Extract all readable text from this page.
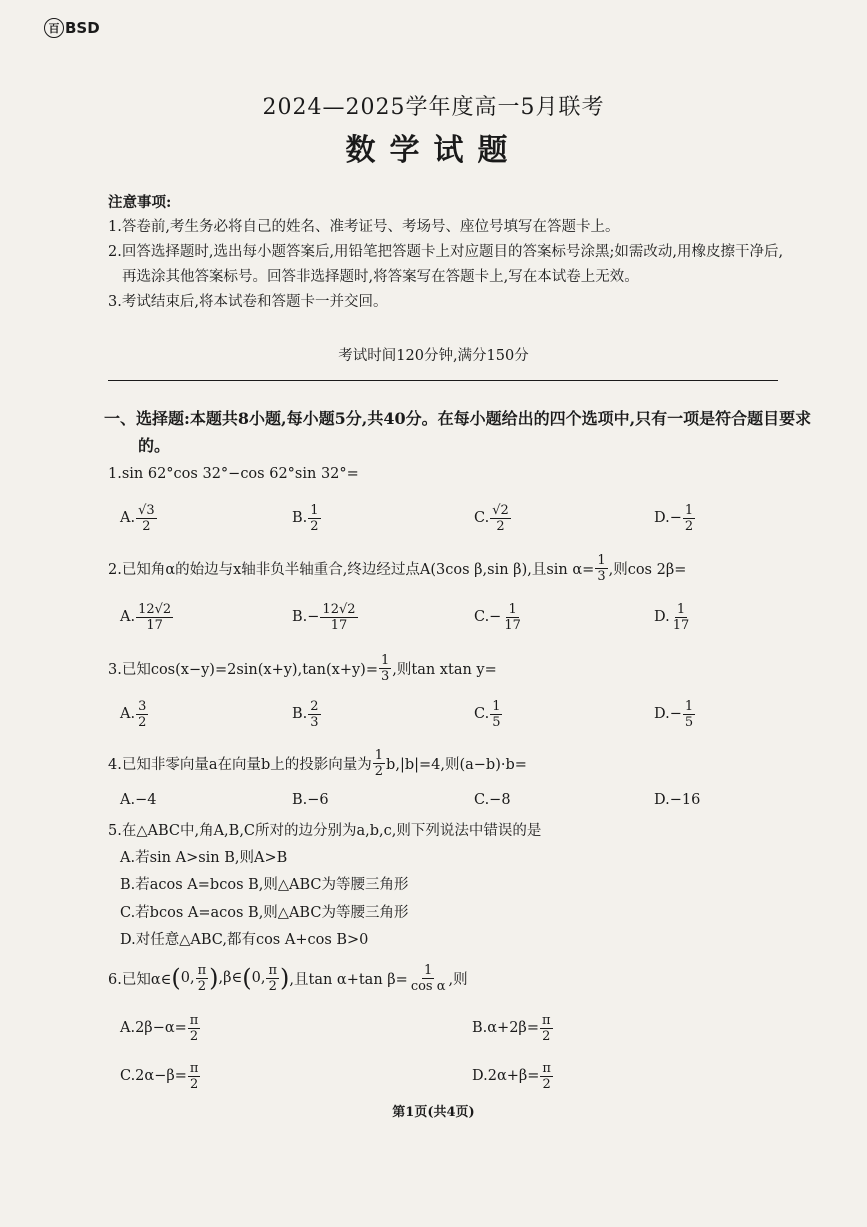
百 BSD
2024—2025学年度高一5月联考
数学试题
注意事项:
1.答卷前,考生务必将自己的姓名、准考证号、考场号、座位号填写在答题卡上。
2.回答选择题时,选出每小题答案后,用铅笔把答题卡上对应题目的答案标号涂黑;如需改动,用橡皮擦干净后,再选涂其他答案标号。回答非选择题时,将答案写在答题卡上,写在本试卷上无效。
3.考试结束后,将本试卷和答题卡一并交回。
考试时间120分钟,满分150分
一、选择题:本题共8小题,每小题5分,共40分。在每小题给出的四个选项中,只有一项是符合题目要求的。
1.sin 62°cos 32°−cos 62°sin 32°=
A. $\frac{√3}{2}$	B. $\frac{1}{2}$	C. $\frac{√2}{2}$	$D.- \frac{1}{2}$
2.已知角α的始边与x轴非负半轴重合,终边经过点A(3cos β,sin β),且$\sin \alpha= \frac{1}{3}$ ,则cos 2β=
A. $\frac{12√2}{17}$	$B.- \frac{12√2}{17}$	$C.- \frac{1}{17}$	D. $\frac{1}{17}$
3.已知$\cos(x-y)=2\sin(x+y),\tan(x+y)= \frac{1}{3}$ ,则tan xtan y=
A. $\frac{3}{2}$	B. $\frac{2}{3}$	C. $\frac{1}{5}$	$D.- \frac{1}{5}$
4.已知非零向量a在向量b上的投影向量为 $\frac{1}{2} b,|b|=4$,则(a−b)·b=
A.−4	B.−6	C.−8	D.−16
5.在△ABC中,角A,B,C所对的边分别为a,b,c,则下列说法中错误的是
A.若sin A>sin B,则A>B
B.若acos A=bcos B,则△ABC为等腰三角形
C.若bcos A=acos B,则△ABC为等腰三角形
D.对任意△ABC,都有cos A+cos B>0
6.已知α∈ ( 0, $\frac{\pi}{2}$ ) ,β∈ ( 0, $\frac{\pi}{2}$ ) ,且tan α+tan $\beta= \frac{1}{\text{cos α}}$ ,则
$A.2\beta-\alpha= \frac{\pi}{2}$	$B.\alpha+2\beta= \frac{\pi}{2}$
$C.2\alpha-\beta= \frac{\pi}{2}$	$D.2\alpha+\beta= \frac{\pi}{2}$
第1页(共4页)
